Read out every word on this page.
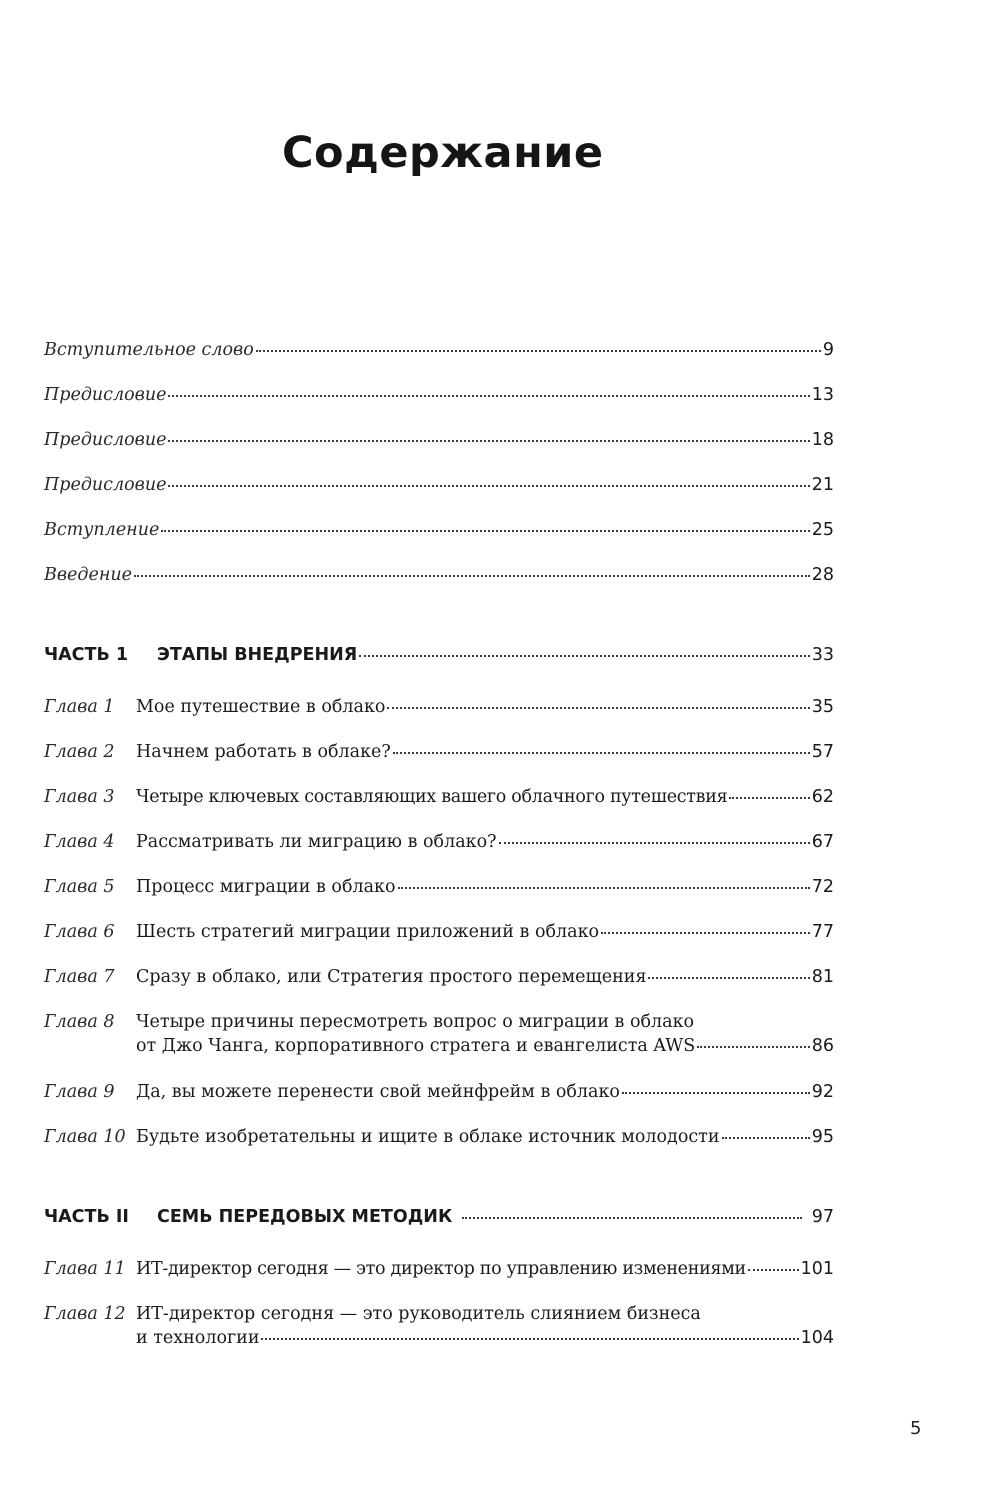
Содержание
Вступительное слово	9
Предисловие	13
Предисловие	18
Предисловие	21
Вступление	25
Введение	28
ЧАСТЬ 1	ЭТАПЫ ВНЕДРЕНИЯ	33
Глава 1	Мое путешествие в облако	35
Глава 2	Начнем работать в облаке?	57
Глава 3	Четыре ключевых составляющих вашего облачного путешествия	62
Глава 4	Рассматривать ли миграцию в облако?	67
Глава 5	Процесс миграции в облако	72
Глава 6	Шесть стратегий миграции приложений в облако	77
Глава 7	Сразу в облако, или Стратегия простого перемещения	81
Глава 8	Четыре причины пересмотреть вопрос о миграции в облако
от Джо Чанга, корпоративного стратега и евангелиста AWS	86
Глава 9	Да, вы можете перенести свой мейнфрейм в облако	92
Глава 10 Будьте изобретательны и ищите в облаке источник молодости	95
ЧАСТЬ II	СЕМЬ ПЕРЕДОВЫХ МЕТОДИК	97
Глава 11 ИТ-директор сегодня — это директор по управлению изменениями	101
Глава 12 ИТ-директор сегодня — это руководитель слиянием бизнеса
и технологии	104
5
